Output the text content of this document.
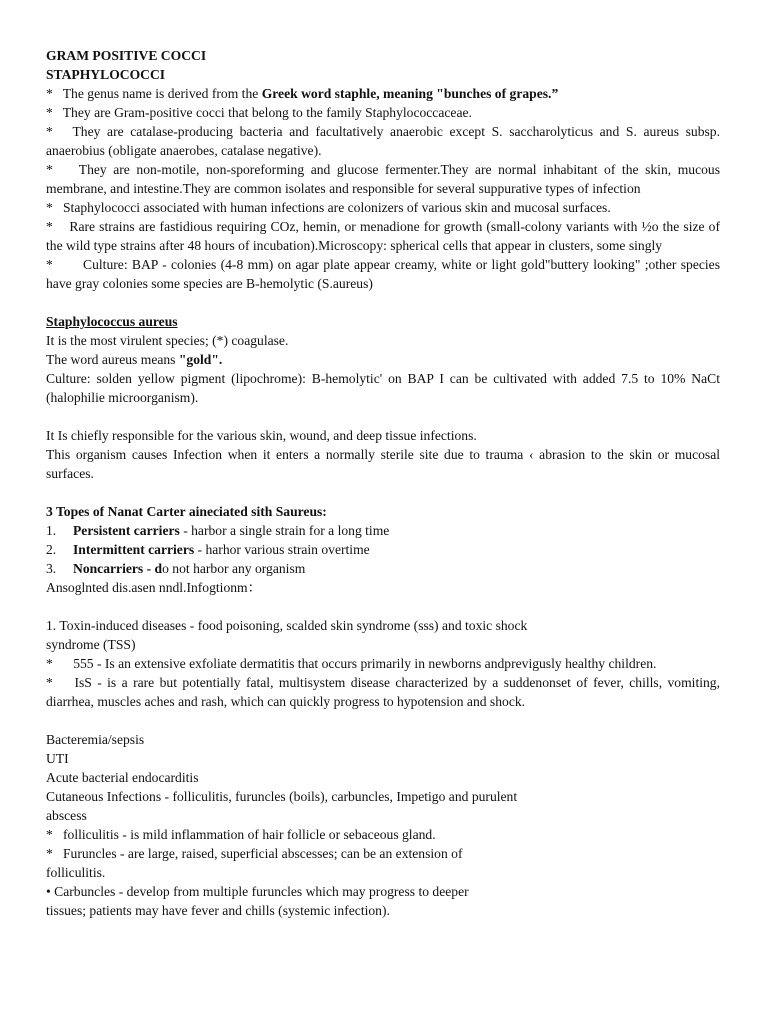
GRAM POSITIVE COCCI

STAPHYLOCOCCI

* The genus name is derived from the Greek word staphle, meaning "bunches of grapes.”

* They are Gram-positive cocci that belong to the family Staphylococcaceae.

* They are catalase-producing bacteria and facultatively anaerobic except S. saccharolyticus and S. aureus subsp. anaerobius (obligate anaerobes, catalase negative).

* They are non-motile, non-sporeforming and glucose fermenter.They are normal inhabitant of the skin, mucous membrane, and intestine.They are common isolates and responsible for several suppurative types of infection

* Staphylococci associated with human infections are colonizers of various skin and mucosal surfaces.

* Rare strains are fastidious requiring COz, hemin, or menadione for growth (small-colony variants with ½o the size of the wild type strains after 48 hours of incubation).Microscopy: spherical cells that appear in clusters, some singly

* Culture: BAP - colonies (4-8 mm) on agar plate appear creamy, white or light gold"buttery looking" ;other species have gray colonies some species are B-hemolytic (S.aureus)

Staphylococcus aureus

It is the most virulent species; (*) coagulase.

The word aureus means "gold".

Culture: solden yellow pigment (lipochrome): B-hemolytic' on BAP I can be cultivated with added 7.5 to 10% NaCt (halophilie microorganism).

It Is chiefly responsible for the various skin, wound, and deep tissue infections.

This organism causes Infection when it enters a normally sterile site due to trauma ‹ abrasion to the skin or mucosal surfaces.

3 Topes of Nanat Carter aineciated sith Saureus:

1. Persistent carriers - harbor a single strain for a long time

2. Intermittent carriers - harhor various strain overtime

3. Noncarriers - do not harbor any organism

Ansoglnted dis.asen nndl.Infogtionm：

1. Toxin-induced diseases - food poisoning, scalded skin syndrome (sss) and toxic shock

syndrome (TSS)

* 555 - Is an extensive exfoliate dermatitis that occurs primarily in newborns andprevigusly healthy children.

* IsS - is a rare but potentially fatal, multisystem disease characterized by a suddenonset of fever, chills, vomiting, diarrhea, muscles aches and rash, which can quickly progress to hypotension and shock.

Bacteremia/sepsis

UTI

Acute bacterial endocarditis

Cutaneous Infections - folliculitis, furuncles (boils), carbuncles, Impetigo and purulent

abscess

* folliculitis - is mild inflammation of hair follicle or sebaceous gland.

* Furuncles - are large, raised, superficial abscesses; can be an extension of

folliculitis.

• Carbuncles - develop from multiple furuncles which may progress to deeper

tissues; patients may have fever and chills (systemic infection).
